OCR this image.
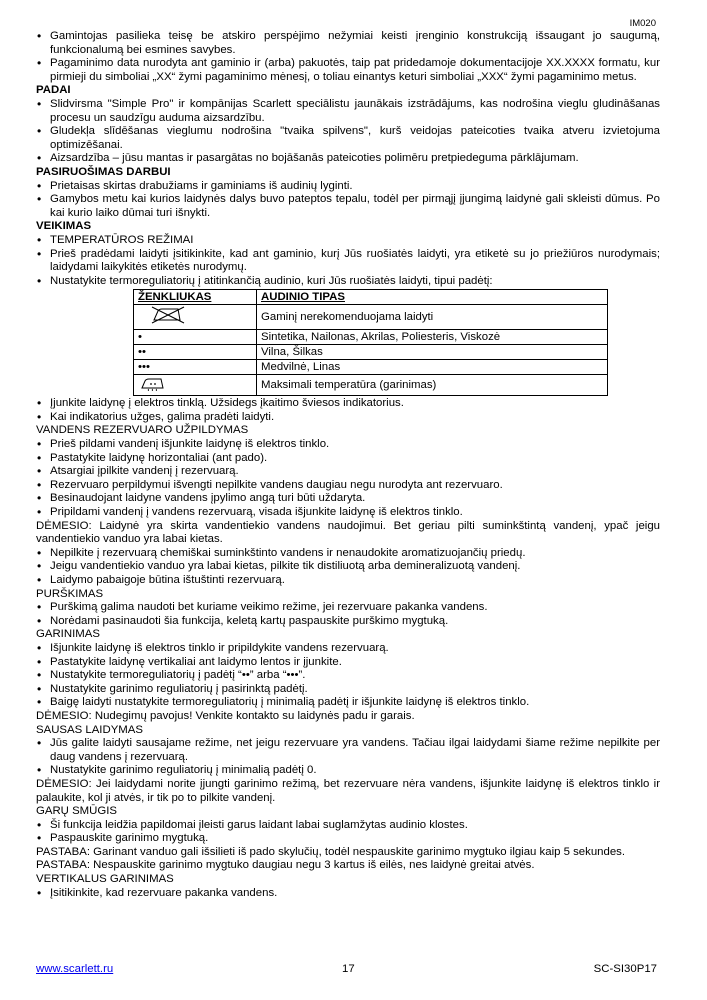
IM020
• Gamintojas pasilieka teisę be atskiro perspėjimo nežymiai keisti įrenginio konstrukciją išsaugant jo saugumą, funkcionalumą bei esmines savybes.
• Pagaminimo data nurodyta ant gaminio ir (arba) pakuotės, taip pat pridedamoje dokumentacijoje XX.XXXX formatu, kur pirmieji du simboliai „XX“ žymi pagaminimo mėnesį, o toliau einantys keturi simboliai „XXX“ žymi pagaminimo metus.
PADAI
• Slidvirsma "Simple Pro" ir kompānijas Scarlett speciālistu jaunākais izstrādājums, kas nodrošina vieglu gludināšanas procesu un saudzīgu auduma aizsardzību.
• Gludekļa slīdēšanas vieglumu nodrošina "tvaika spilvens", kurš veidojas pateicoties tvaika atveru izvietojuma optimizēšanai.
• Aizsardzība – jūsu mantas ir pasargātas no bojāšanās pateicoties polimēru pretpiedeguma pārklājumam.
PASIRUOŠIMAS DARBUI
• Prietaisas skirtas drabužiams ir gaminiams iš audinių lyginti.
• Gamybos metu kai kurios laidynės dalys buvo pateptos tepalu, todėl per pirmąjį įjungimą laidynė gali skleisti dūmus. Po kai kurio laiko dūmai turi išnykti.
VEIKIMAS
• TEMPERATŪROS REŽIMAI
• Prieš pradėdami laidyti įsitikinkite, kad ant gaminio, kurį Jūs ruošiatės laidyti, yra etiketė su jo priežiūros nurodymais; laidydami laikykitės etiketės nurodymų.
• Nustatykite termoreguliatorių į atitinkančią audinio, kuri Jūs ruošiatės laidyti, tipui padėtį:
ŽENKLIUKAS	AUDINIO TIPAS
	Gaminį nerekomenduojama laidyti
•	Sintetika, Nailonas, Akrilas, Poliesteris, Viskozė
••	Vilna, Šilkas
•••	Medvilnė, Linas
	Maksimali temperatūra (garinimas)
• Įjunkite laidynę į elektros tinklą. Užsidegs įkaitimo šviesos indikatorius.
• Kai indikatorius užges, galima pradėti laidyti.
VANDENS REZERVUARO UŽPILDYMAS
• Prieš pildami vandenį išjunkite laidynę iš elektros tinklo.
• Pastatykite laidynę horizontaliai (ant pado).
• Atsargiai įpilkite vandenį į rezervuarą.
• Rezervuaro perpildymui išvengti nepilkite vandens daugiau negu nurodyta ant rezervuaro.
• Besinaudojant laidyne vandens įpylimo angą turi būti uždaryta.
• Pripildami vandenį į vandens rezervuarą, visada išjunkite laidynę iš elektros tinklo.
DĖMESIO: Laidynė yra skirta vandentiekio vandens naudojimui. Bet geriau pilti suminkštintą vandenį, ypač jeigu vandentiekio vanduo yra labai kietas.
• Nepilkite į rezervuarą chemiškai suminkštinto vandens ir nenaudokite aromatizuojančių priedų.
• Jeigu vandentiekio vanduo yra labai kietas, pilkite tik distiliuotą arba demineralizuotą vandenį.
• Laidymo pabaigoje būtina ištuštinti rezervuarą.
PURŠKIMAS
• Purškimą galima naudoti bet kuriame veikimo režime, jei rezervuare pakanka vandens.
• Norėdami pasinaudoti šia funkcija, keletą kartų paspauskite purškimo mygtuką.
GARINIMAS
• Išjunkite laidynę iš elektros tinklo ir pripildykite vandens rezervuarą.
• Pastatykite laidynę vertikaliai ant laidymo lentos ir įjunkite.
• Nustatykite termoreguliatorių į padėtį “••” arba “•••”.
• Nustatykite garinimo reguliatorių į pasirinktą padėtį.
• Baigę laidyti nustatykite termoreguliatorių į minimalią padėtį ir išjunkite laidynę iš elektros tinklo.
DĖMESIO: Nudegimų pavojus! Venkite kontakto su laidynės padu ir garais.
SAUSAS LAIDYMAS
• Jūs galite laidyti sausajame režime, net jeigu rezervuare yra vandens. Tačiau ilgai laidydami šiame režime nepilkite per daug vandens į rezervuarą.
• Nustatykite garinimo reguliatorių į minimalią padėtį 0.
DĖMESIO: Jei laidydami norite įjungti garinimo režimą, bet rezervuare nėra vandens, išjunkite laidynę iš elektros tinklo ir palaukite, kol ji atvės, ir tik po to pilkite vandenį.
GARŲ SMŪGIS
• Ši funkcija leidžia papildomai įleisti garus laidant labai suglamžytas audinio klostes.
• Paspauskite garinimo mygtuką.
PASTABA: Garinant vanduo gali išsilieti iš pado skylučių, todėl nespauskite garinimo mygtuko ilgiau kaip 5 sekundes.
PASTABA: Nespauskite garinimo mygtuko daugiau negu 3 kartus iš eilės, nes laidynė greitai atvės.
VERTIKALUS GARINIMAS
• Įsitikinkite, kad rezervuare pakanka vandens.
www.scarlett.ru	17	SC-SI30P17
